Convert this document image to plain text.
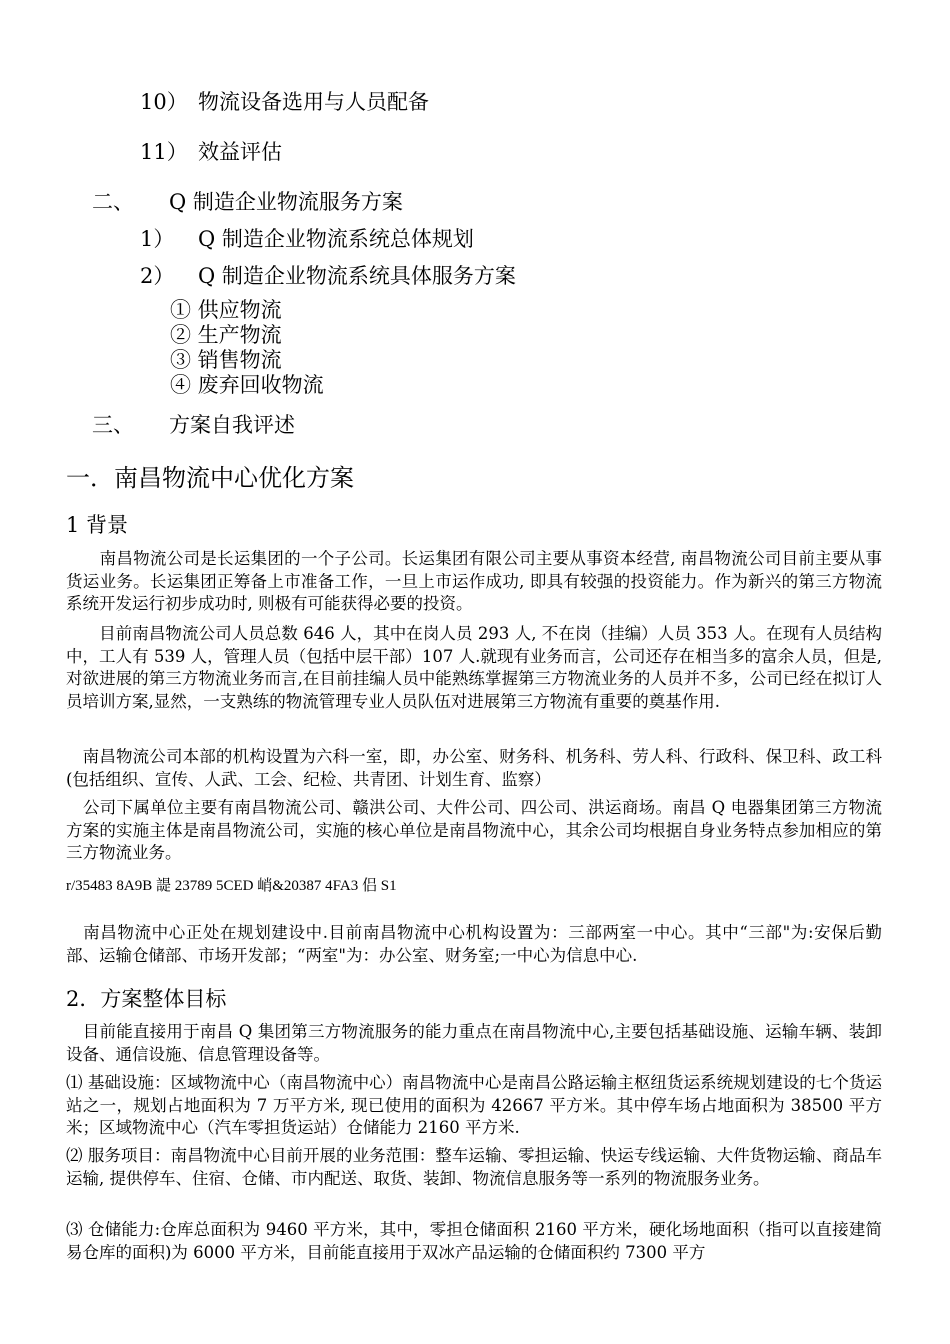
10） 物流设备选用与人员配备
11） 效益评估
二、 Q 制造企业物流服务方案
1） Q 制造企业物流系统总体规划
2） Q 制造企业物流系统具体服务方案
① 供应物流
② 生产物流
③ 销售物流
④ 废弃回收物流
三、 方案自我评述
一．南昌物流中心优化方案
1 背景
　　南昌物流公司是长运集团的一个子公司。长运集团有限公司主要从事资本经营, 南昌物流公司目前主要从事货运业务。长运集团正筹备上市准备工作，一旦上市运作成功, 即具有较强的投资能力。作为新兴的第三方物流系统开发运行初步成功时, 则极有可能获得必要的投资。
　　目前南昌物流公司人员总数 646 人，其中在岗人员 293 人, 不在岗（挂编）人员 353 人。在现有人员结构中，工人有 539 人，管理人员（包括中层干部）107 人.就现有业务而言，公司还存在相当多的富余人员，但是,对欲进展的第三方物流业务而言,在目前挂编人员中能熟练掌握第三方物流业务的人员并不多，公司已经在拟订人员培训方案,显然，一支熟练的物流管理专业人员队伍对进展第三方物流有重要的奠基作用.
　南昌物流公司本部的机构设置为六科一室，即，办公室、财务科、机务科、劳人科、行政科、保卫科、政工科(包括组织、宣传、人武、工会、纪检、共青团、计划生育、监察）
　公司下属单位主要有南昌物流公司、赣洪公司、大件公司、四公司、洪运商场。南昌 Q 电器集团第三方物流方案的实施主体是南昌物流公司，实施的核心单位是南昌物流中心，其余公司均根据自身业务特点参加相应的第三方物流业务。
r/35483 8A9B 諟 23789 5CED 峭&20387 4FA3 侣 S1
　南昌物流中心正处在规划建设中.目前南昌物流中心机构设置为：三部两室一中心。其中“三部"为:安保后勤部、运输仓储部、市场开发部；“两室"为：办公室、财务室;一中心为信息中心.
2．方案整体目标
　目前能直接用于南昌 Q 集团第三方物流服务的能力重点在南昌物流中心,主要包括基础设施、运输车辆、装卸设备、通信设施、信息管理设备等。
⑴ 基础设施：区域物流中心（南昌物流中心）南昌物流中心是南昌公路运输主枢纽货运系统规划建设的七个货运站之一，规划占地面积为 7 万平方米, 现已使用的面积为 42667 平方米。其中停车场占地面积为 38500 平方米；区域物流中心（汽车零担货运站）仓储能力 2160 平方米.
⑵ 服务项目：南昌物流中心目前开展的业务范围：整车运输、零担运输、快运专线运输、大件货物运输、商品车运输, 提供停车、住宿、仓储、市内配送、取货、装卸、物流信息服务等一系列的物流服务业务。
⑶ 仓储能力:仓库总面积为 9460 平方米，其中，零担仓储面积 2160 平方米，硬化场地面积（指可以直接建简易仓库的面积)为 6000 平方米，目前能直接用于双冰产品运输的仓储面积约 7300 平方
